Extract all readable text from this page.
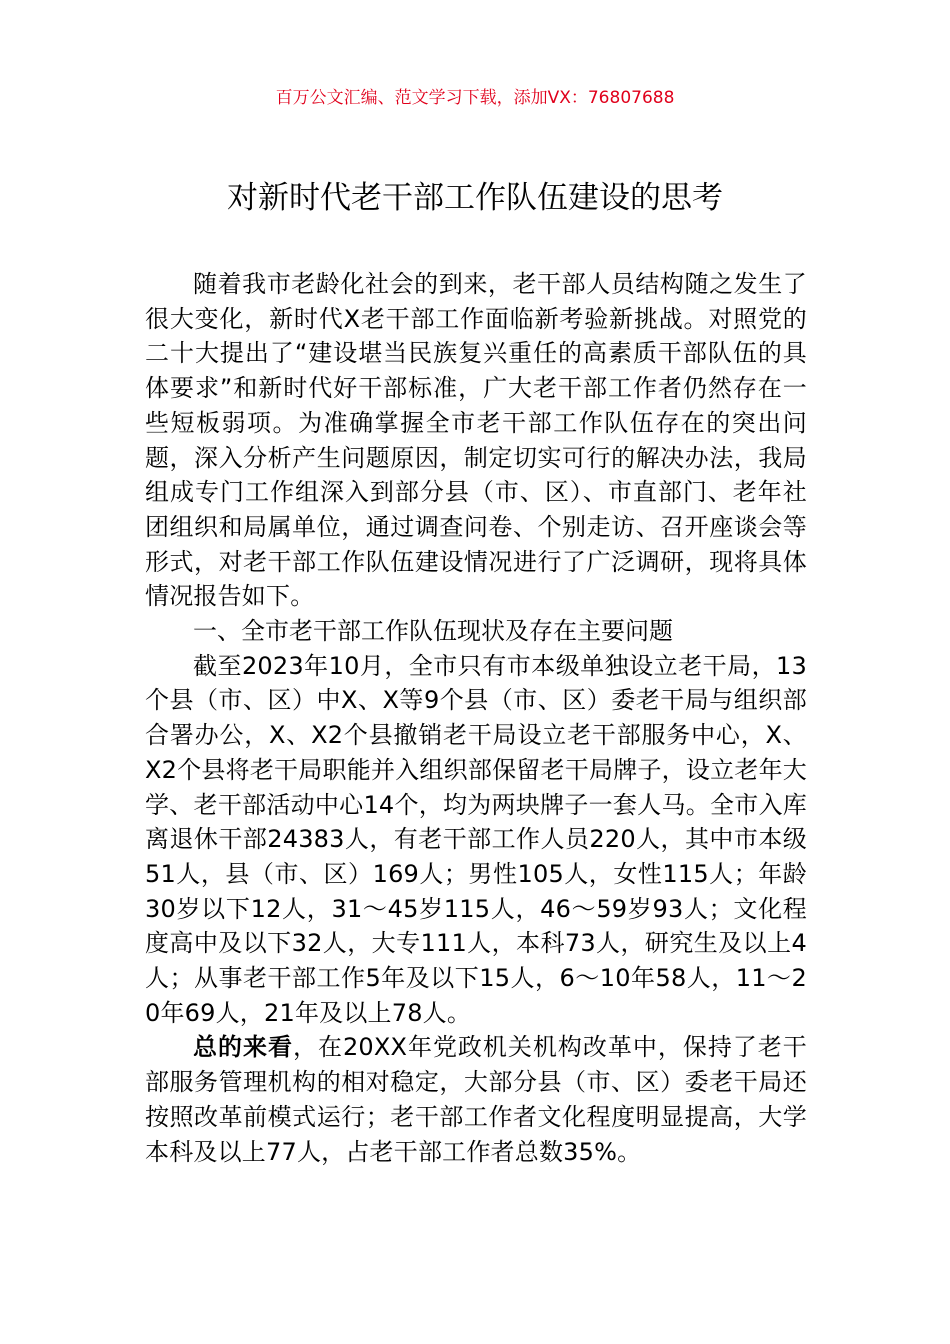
百万公文汇编、范文学习下载，添加VX：76807688
对新时代老干部工作队伍建设的思考

随着我市老龄化社会的到来，老干部人员结构随之发生了很大变化，新时代X老干部工作面临新考验新挑战。对照党的二十大提出了“建设堪当民族复兴重任的高素质干部队伍的具体要求”和新时代好干部标准，广大老干部工作者仍然存在一些短板弱项。为准确掌握全市老干部工作队伍存在的突出问题，深入分析产生问题原因，制定切实可行的解决办法，我局组成专门工作组深入到部分县（市、区）、市直部门、老年社团组织和局属单位，通过调查问卷、个别走访、召开座谈会等形式，对老干部工作队伍建设情况进行了广泛调研，现将具体情况报告如下。

一、全市老干部工作队伍现状及存在主要问题

截至2023年10月，全市只有市本级单独设立老干局，13个县（市、区）中X、X等9个县（市、区）委老干局与组织部合署办公，X、X2个县撤销老干局设立老干部服务中心，X、X2个县将老干局职能并入组织部保留老干局牌子，设立老年大学、老干部活动中心14个，均为两块牌子一套人马。全市入库离退休干部24383人，有老干部工作人员220人，其中市本级51人，县（市、区）169人；男性105人，女性115人；年龄30岁以下12人，31～45岁115人，46～59岁93人；文化程度高中及以下32人，大专111人，本科73人，研究生及以上4人；从事老干部工作5年及以下15人，6～10年58人，11～20年69人，21年及以上78人。

总的来看，在20XX年党政机关机构改革中，保持了老干部服务管理机构的相对稳定，大部分县（市、区）委老干局还按照改革前模式运行；老干部工作者文化程度明显提高，大学本科及以上77人，占老干部工作者总数35%。
